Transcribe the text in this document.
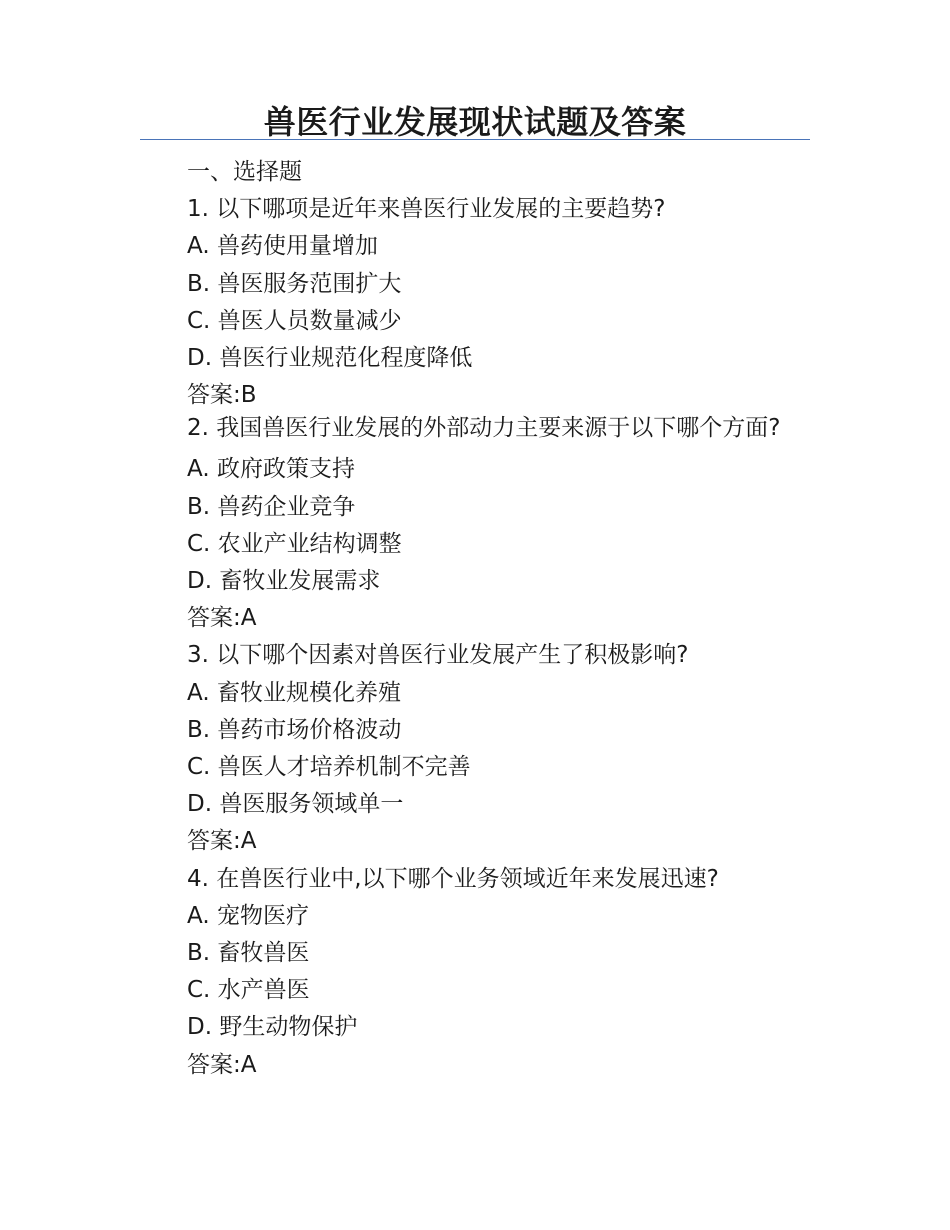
兽医行业发展现状试题及答案
一、选择题
1. 以下哪项是近年来兽医行业发展的主要趋势?
A. 兽药使用量增加
B. 兽医服务范围扩大
C. 兽医人员数量减少
D. 兽医行业规范化程度降低
答案:B
2. 我国兽医行业发展的外部动力主要来源于以下哪个方面?
A. 政府政策支持
B. 兽药企业竞争
C. 农业产业结构调整
D. 畜牧业发展需求
答案:A
3. 以下哪个因素对兽医行业发展产生了积极影响?
A. 畜牧业规模化养殖
B. 兽药市场价格波动
C. 兽医人才培养机制不完善
D. 兽医服务领域单一
答案:A
4. 在兽医行业中,以下哪个业务领域近年来发展迅速?
A. 宠物医疗
B. 畜牧兽医
C. 水产兽医
D. 野生动物保护
答案:A
